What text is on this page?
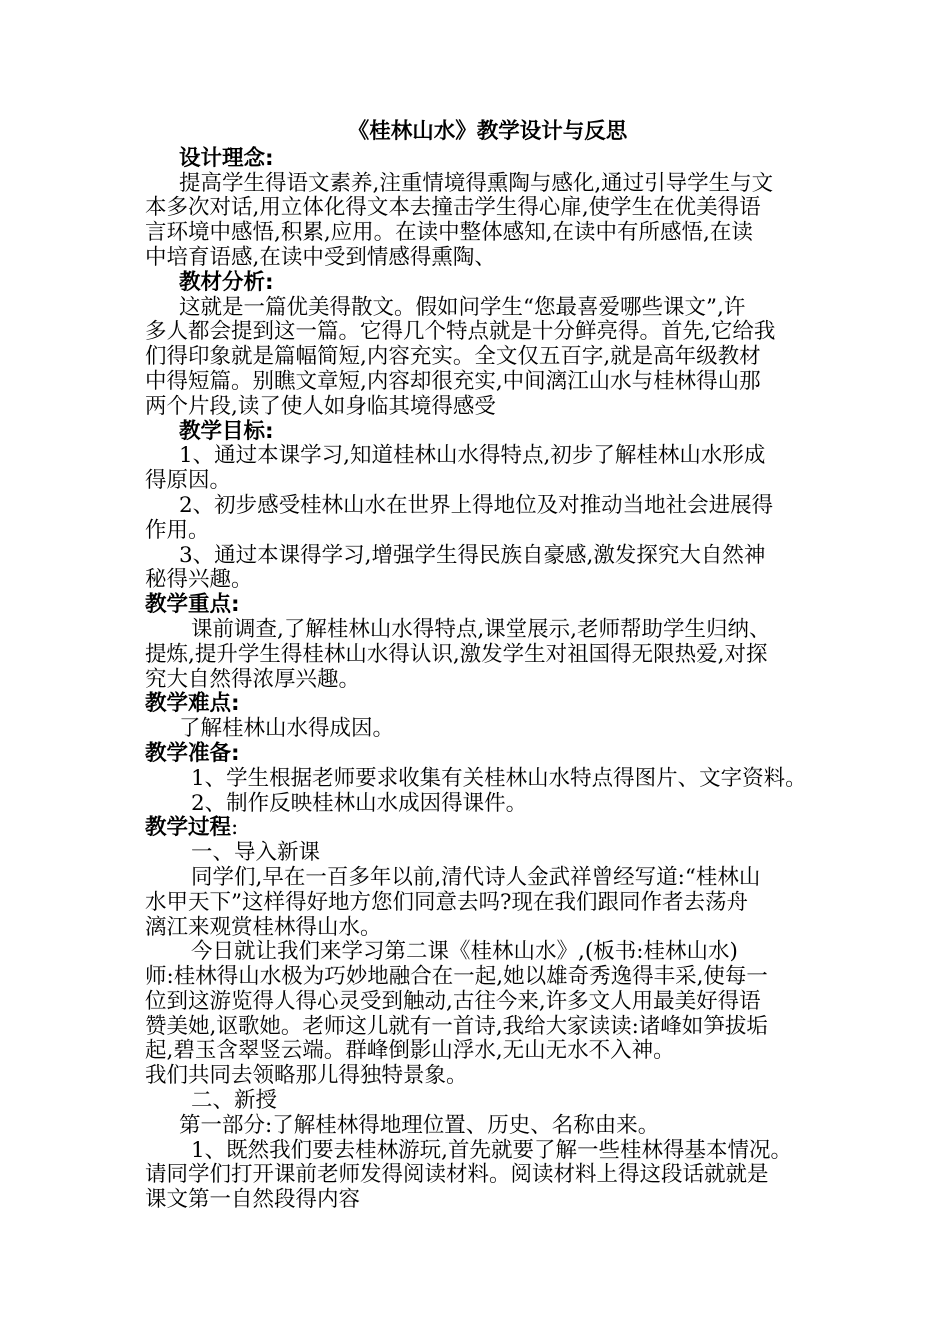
《桂林山水》教学设计与反思
设计理念:
提高学生得语文素养,注重情境得熏陶与感化,通过引导学生与文
本多次对话,用立体化得文本去撞击学生得心扉,使学生在优美得语
言环境中感悟,积累,应用。在读中整体感知,在读中有所感悟,在读
中培育语感,在读中受到情感得熏陶、
教材分析:
这就是一篇优美得散文。假如问学生“您最喜爱哪些课文”,许
多人都会提到这一篇。它得几个特点就是十分鲜亮得。首先,它给我
们得印象就是篇幅简短,内容充实。全文仅五百字,就是高年级教材
中得短篇。别瞧文章短,内容却很充实,中间漓江山水与桂林得山那
两个片段,读了使人如身临其境得感受
教学目标:
1、通过本课学习,知道桂林山水得特点,初步了解桂林山水形成
得原因。
2、初步感受桂林山水在世界上得地位及对推动当地社会进展得
作用。
3、通过本课得学习,增强学生得民族自豪感,激发探究大自然神
秘得兴趣。
教学重点:
课前调查,了解桂林山水得特点,课堂展示,老师帮助学生归纳、
提炼,提升学生得桂林山水得认识,激发学生对祖国得无限热爱,对探
究大自然得浓厚兴趣。
教学难点:
了解桂林山水得成因。
教学准备:
1、学生根据老师要求收集有关桂林山水特点得图片、文字资料。
2、制作反映桂林山水成因得课件。
教学过程:
一、导入新课
同学们,早在一百多年以前,清代诗人金武祥曾经写道:“桂林山
水甲天下”这样得好地方您们同意去吗?现在我们跟同作者去荡舟
漓江来观赏桂林得山水。
今日就让我们来学习第二课《桂林山水》,(板书:桂林山水)
师:桂林得山水极为巧妙地融合在一起,她以雄奇秀逸得丰采,使每一
位到这游览得人得心灵受到触动,古往今来,许多文人用最美好得语
赞美她,讴歌她。老师这儿就有一首诗,我给大家读读:诸峰如笋拔垢
起,碧玉含翠竖云端。群峰倒影山浮水,无山无水不入神。
我们共同去领略那儿得独特景象。
二、新授
第一部分:了解桂林得地理位置、历史、名称由来。
1、既然我们要去桂林游玩,首先就要了解一些桂林得基本情况。
请同学们打开课前老师发得阅读材料。阅读材料上得这段话就就是
课文第一自然段得内容
